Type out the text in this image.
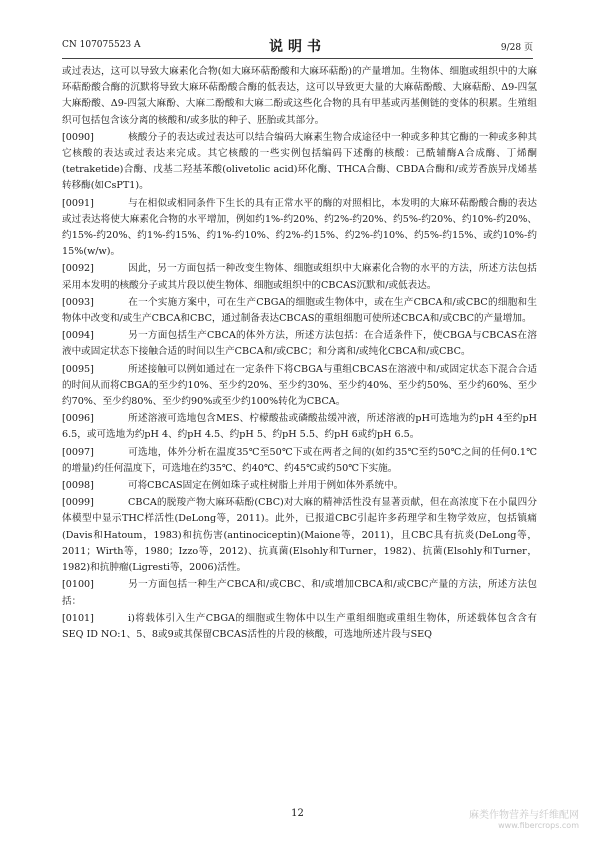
CN 107075523 A	说明书	9/28 页

或过表达，这可以导致大麻素化合物(如大麻环萜酚酸和大麻环萜酚)的产量增加。生物体、细胞或组织中的大麻环萜酚酸合酶的沉默将导致大麻环萜酚酸合酶的低表达，这可以导致更大量的大麻萜酚酸、大麻萜酚、Δ9-四氢大麻酚酸、Δ9-四氢大麻酚、大麻二酚酸和大麻二酚或这些化合物的具有甲基或丙基侧链的变体的积累。生殖组织可包括包含该分离的核酸和/或多肽的种子、胚胎或其部分。

[0090]	核酸分子的表达或过表达可以结合编码大麻素生物合成途径中一种或多种其它酶的一种或多种其它核酸的表达或过表达来完成。其它核酸的一些实例包括编码下述酶的核酸：己酰辅酶A合成酶、丁烯酮(tetraketide)合酶、戊基二羟基苯酸(olivetolic acid)环化酶、THCA合酶、CBDA合酶和/或芳香族异戊烯基转移酶(如CsPT1)。

[0091]	与在相似或相同条件下生长的具有正常水平的酶的对照相比，本发明的大麻环萜酚酸合酶的表达或过表达将使大麻素化合物的水平增加，例如约1%-约20%、约2%-约20%、约5%-约20%、约10%-约20%、约15%-约20%、约1%-约15%、约1%-约10%、约2%-约15%、约2%-约10%、约5%-约15%、或约10%-约15%(w/w)。

[0092]	因此，另一方面包括一种改变生物体、细胞或组织中大麻素化合物的水平的方法，所述方法包括采用本发明的核酸分子或其片段以使生物体、细胞或组织中的CBCAS沉默和/或低表达。

[0093]	在一个实施方案中，可在生产CBGA的细胞或生物体中，或在生产CBCA和/或CBC的细胞和生物体中改变和/或生产CBCA和CBC，通过制备表达CBCAS的重组细胞可使所述CBCA和/或CBC的产量增加。

[0094]	另一方面包括生产CBCA的体外方法，所述方法包括：在合适条件下，使CBGA与CBCAS在溶液中或固定状态下接触合适的时间以生产CBCA和/或CBC；和分离和/或纯化CBCA和/或CBC。

[0095]	所述接触可以例如通过在一定条件下将CBGA与重组CBCAS在溶液中和/或固定状态下混合合适的时间从而将CBGA的至少约10%、至少约20%、至少约30%、至少约40%、至少约50%、至少约60%、至少约70%、至少约80%、至少约90%或至少约100%转化为CBCA。

[0096]	所述溶液可选地包含MES、柠檬酸盐或磷酸盐缓冲液，所述溶液的pH可选地为约pH 4至约pH 6.5，或可选地为约pH 4、约pH 4.5、约pH 5、约pH 5.5、约pH 6或约pH 6.5。

[0097]	可选地，体外分析在温度35℃至50℃下或在两者之间的(如约35℃至约50℃之间的任何0.1℃的增量)约任何温度下，可选地在约35℃、约40℃、约45℃或约50℃下实施。

[0098]	可将CBCAS固定在例如珠子或柱树脂上并用于例如体外系统中。

[0099]	CBCA的脱羧产物大麻环萜酚(CBC)对大麻的精神活性没有显著贡献，但在高浓度下在小鼠四分体模型中显示THC样活性(DeLong等，2011)。此外，已报道CBC引起许多药理学和生物学效应，包括镇痛(Davis和Hatoum，1983)和抗伤害(antinociceptin)(Maione等，2011)，且CBC具有抗炎(DeLong等，2011；Wirth等，1980；Izzo等，2012)、抗真菌(Elsohly和Turner，1982)、抗菌(Elsohly和Turner，1982)和抗肿瘤(Ligresti等，2006)活性。

[0100]	另一方面包括一种生产CBCA和/或CBC、和/或增加CBCA和/或CBC产量的方法，所述方法包括：

[0101]	i)将载体引入生产CBGA的细胞或生物体中以生产重组细胞或重组生物体，所述载体包含含有SEQ ID NO:1、5、8或9或其保留CBCAS活性的片段的核酸，可选地所述片段与SEQ

12	麻类作物营养与纤维配网
www.fibercrops.com
